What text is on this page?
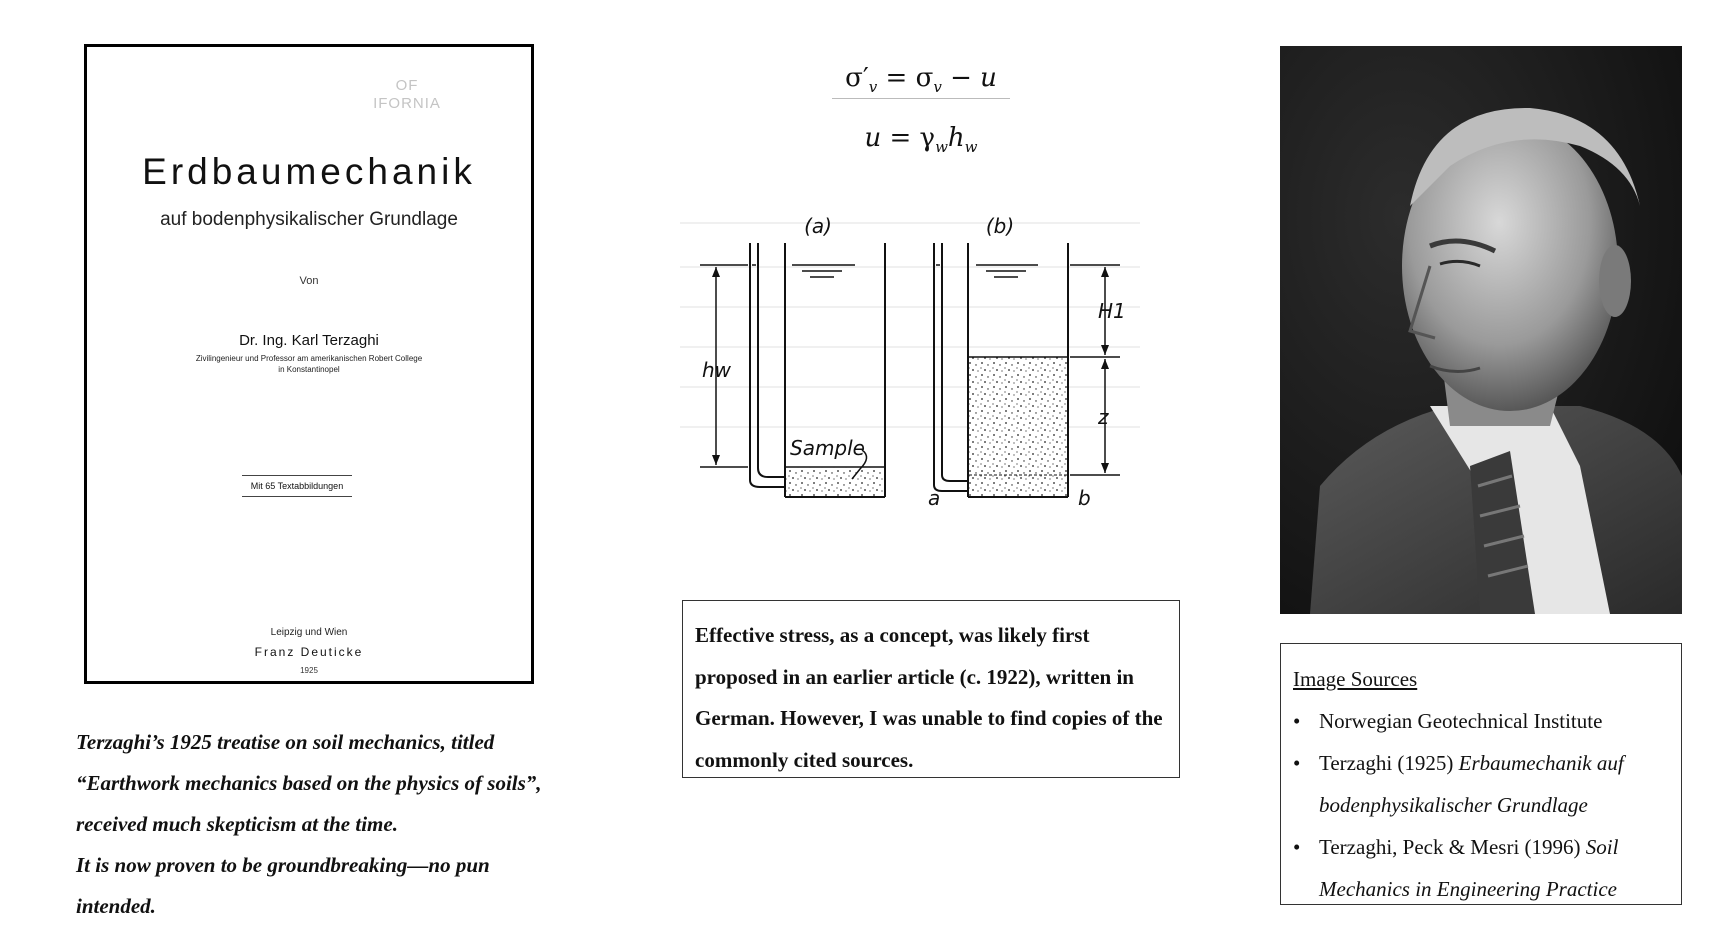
OF
IFORNIA
Erdbaumechanik
auf bodenphysikalischer Grundlage
Von
Dr. Ing. Karl Terzaghi
Zivilingenieur und Professor am amerikanischen Robert College
in Konstantinopel
Mit 65 Textabbildungen
Leipzig und Wien
Franz Deuticke
1925

Terzaghi’s 1925 treatise on soil mechanics, titled “Earthwork mechanics based on the physics of soils”, received much skepticism at the time.

It is now proven to be groundbreaking—no pun intended.

$\sigma'_v = \sigma_v - u$
$u = \gamma_wh_w$
(a)	(b)
hw
Sample
H1
z
a	b

Effective stress, as a concept, was likely first proposed in an earlier article (c. 1922), written in German. However, I was unable to find copies of the commonly cited sources.

Image Sources

• Norwegian Geotechnical Institute
• Terzaghi (1925) Erbaumechanik auf bodenphysikalischer Grundlage
• Terzaghi, Peck & Mesri (1996) Soil Mechanics in Engineering Practice
